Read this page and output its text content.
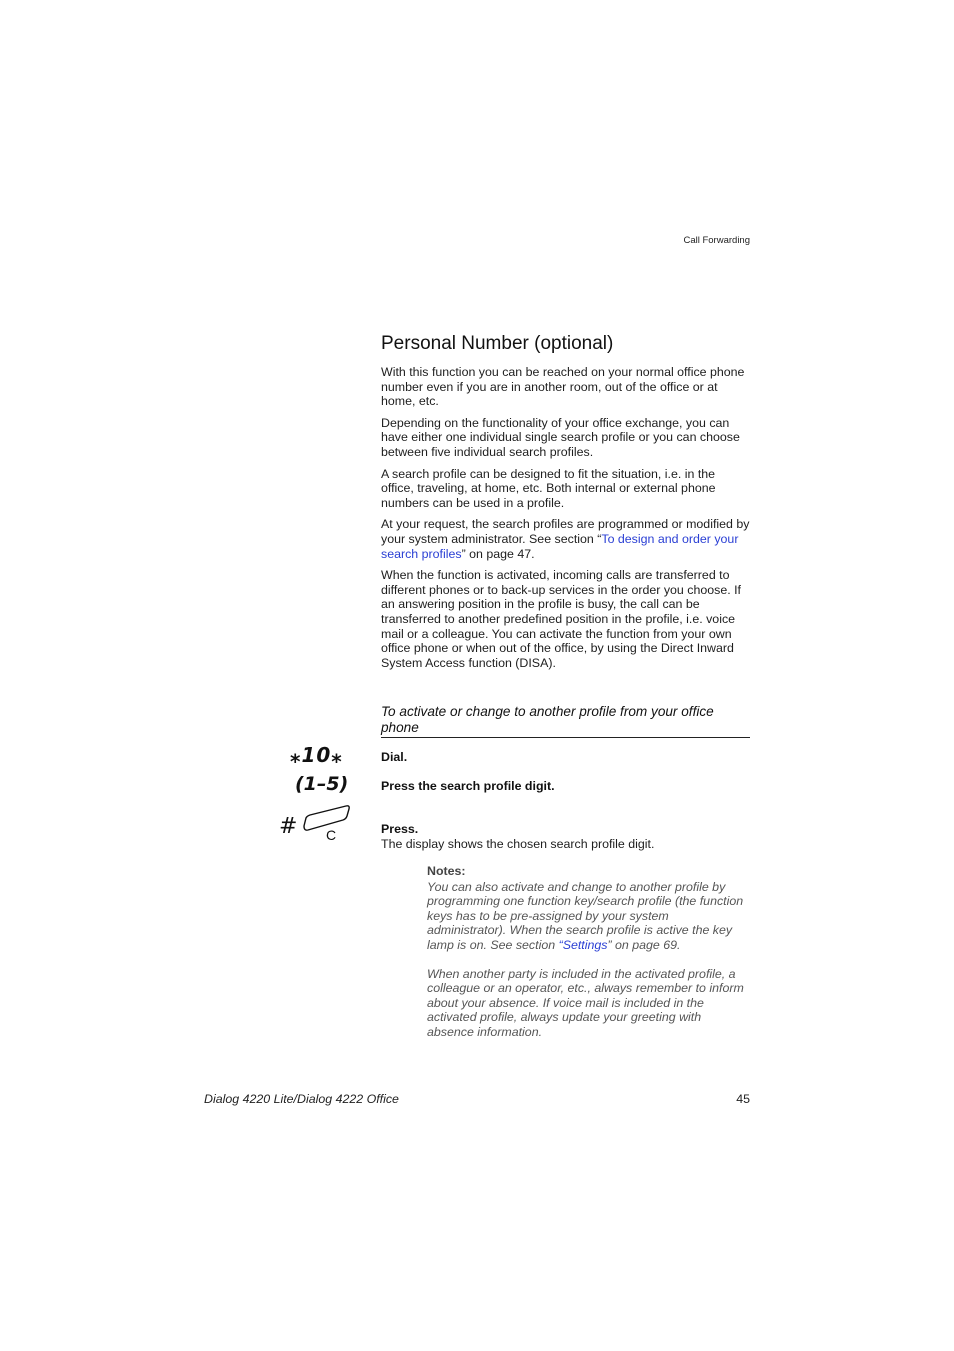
Call Forwarding
Personal Number (optional)

With this function you can be reached on your normal office phone number even if you are in another room, out of the office or at home, etc.

Depending on the functionality of your office exchange, you can have either one individual single search profile or you can choose between five individual search profiles.

A search profile can be designed to fit the situation, i.e. in the office, traveling, at home, etc. Both internal or external phone numbers can be used in a profile.

At your request, the search profiles are programmed or modified by your system administrator. See section “To design and order your search profiles” on page 47.

When the function is activated, incoming calls are transferred to different phones or to back-up services in the order you choose. If an answering position in the profile is busy, the call can be transferred to another predefined position in the profile, i.e. voice mail or a colleague. You can activate the function from your own office phone or when out of the office, by using the Direct Inward System Access function (DISA).

To activate or change to another profile from your office phone
⁎10⁎	Dial.
(1–5)	Press the search profile digit.
# C	Press.
The display shows the chosen search profile digit.
Notes:

You can also activate and change to another profile by programming one function key/search profile (the function keys has to be pre-assigned by your system administrator). When the search profile is active the key lamp is on. See section “Settings” on page 69.

When another party is included in the activated profile, a colleague or an operator, etc., always remember to inform about your absence. If voice mail is included in the activated profile, always update your greeting with absence information.

Dialog 4220 Lite/Dialog 4222 Office	45
